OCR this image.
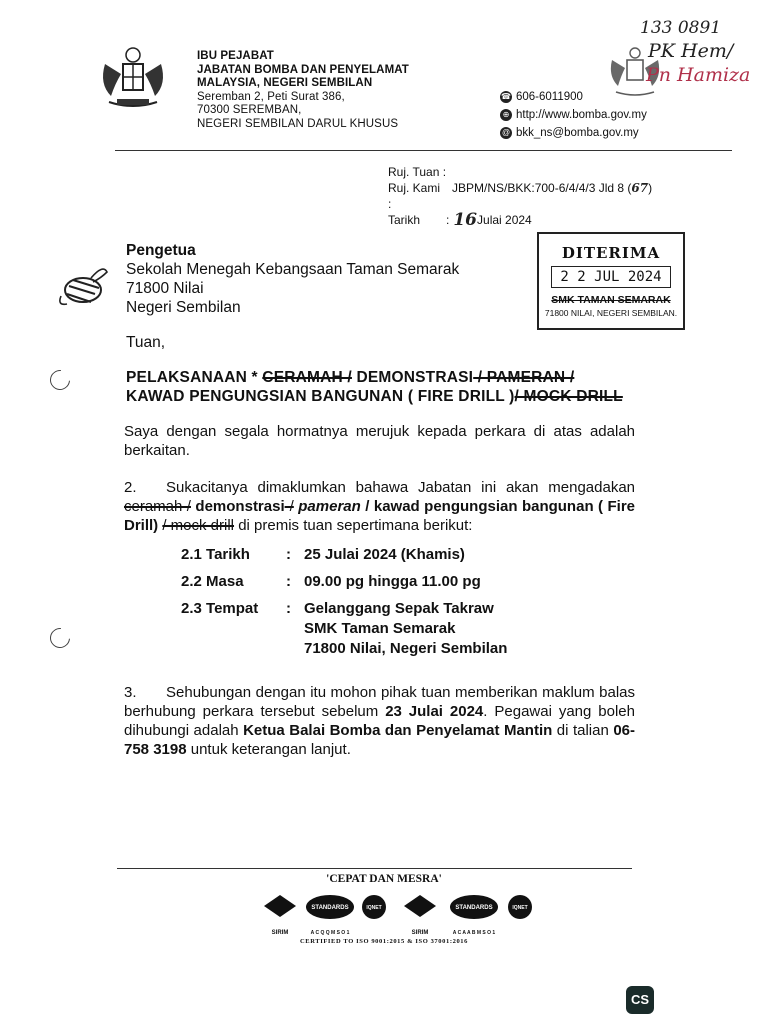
IBU PEJABAT
JABATAN BOMBA DAN PENYELAMAT
MALAYSIA, NEGERI SEMBILAN
Seremban 2, Peti Surat 386,
70300 SEREMBAN,
NEGERI SEMBILAN DARUL KHUSUS
☎ 606-6011900
⊕ http://www.bomba.gov.my
@ bkk_ns@bomba.gov.my
133 0891
PK Hem/
Pn Hamiza
Ruj. Tuan :
Ruj. Kami :
JBPM/NS/BKK:700-6/4/4/3 Jld 8 (67)
Tarikh	: 16 Julai 2024
DITERIMA
2 2 JUL 2024
SMK TAMAN SEMARAK
71800 NILAI, NEGERI SEMBILAN.
Pengetua
Sekolah Menegah Kebangsaan Taman Semarak
71800 Nilai
Negeri Sembilan
Tuan,
PELAKSANAAN * CERAMAH / DEMONSTRASI / PAMERAN /
KAWAD PENGUNGSIAN BANGUNAN ( FIRE DRILL )/ MOCK DRILL
Saya dengan segala hormatnya merujuk kepada perkara di atas adalah berkaitan.
2. Sukacitanya dimaklumkan bahawa Jabatan ini akan mengadakan ceramah / demonstrasi-/ pameran / kawad pengungsian bangunan ( Fire Drill) / mock drill di premis tuan sepertimana berikut:
2.1 Tarikh : 25 Julai 2024 (Khamis)
2.2 Masa	: 09.00 pg hingga 11.00 pg
2.3 Tempat : Gelanggang Sepak Takraw
SMK Taman Semarak
71800 Nilai, Negeri Sembilan
3. Sehubungan dengan itu mohon pihak tuan memberikan maklum balas berhubung perkara tersebut sebelum 23 Julai 2024. Pegawai yang boleh dihubungi adalah Ketua Balai Bomba dan Penyelamat Mantin di talian 06-758 3198 untuk keterangan lanjut.
'CEPAT DAN MESRA'
SIRIM
STANDARDS
A C Q Q M S O 1
IQNET
SIRIM
STANDARDS
A C A A B M S O 1
IQNET
CERTIFIED TO ISO 9001:2015 & ISO 37001:2016
CS
